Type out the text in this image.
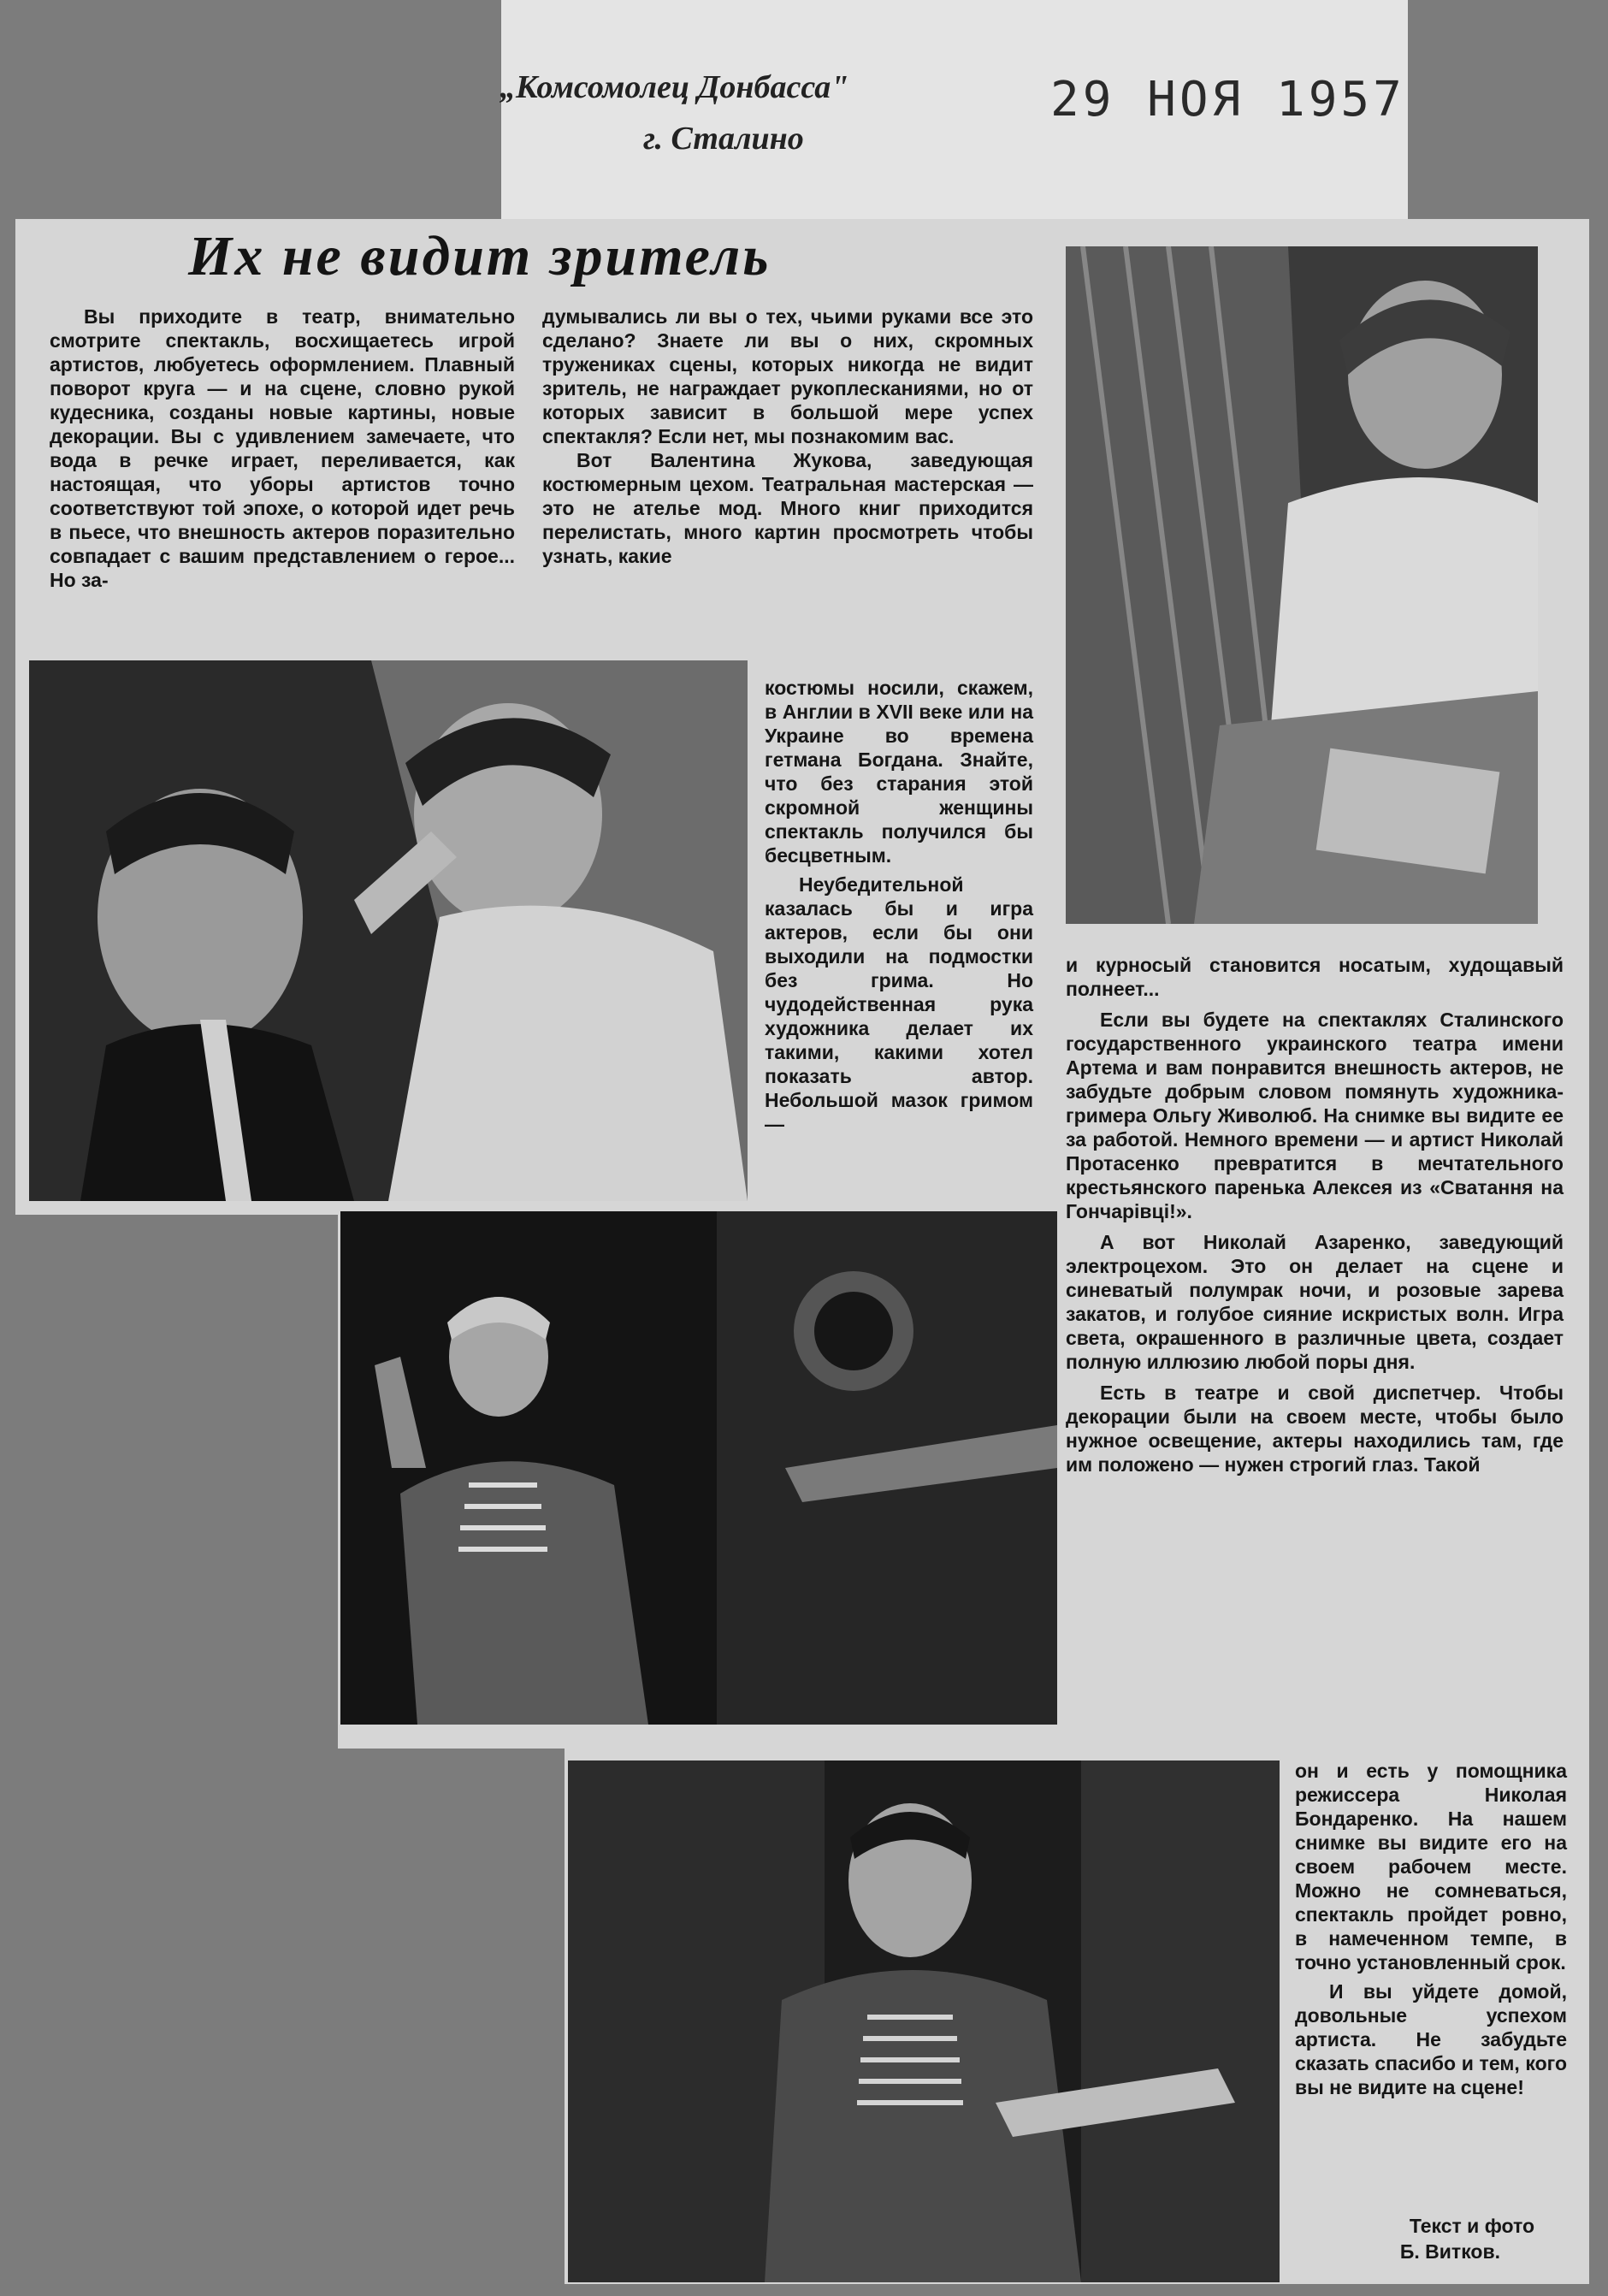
„Комсомолец Донбасса"
г. Сталино
29 НОЯ 1957
Их не видит зритель
Вы приходите в театр, внимательно смотрите спектакль, восхищаетесь игрой артистов, любуетесь оформлением. Плавный поворот круга — и на сцене, словно рукой кудесника, созданы новые картины, новые декорации. Вы с удивлением замечаете, что вода в речке играет, переливается, как настоящая, что уборы артистов точно соответствуют той эпохе, о которой идет речь в пьесе, что внешность актеров поразительно совпадает с вашим представлением о герое... Но за-
думывались ли вы о тех, чьими руками все это сделано? Знаете ли вы о них, скромных тружениках сцены, которых никогда не видит зритель, не награждает рукоплесканиями, но от которых зависит в большой мере успех спектакля? Если нет, мы познакомим вас.
Вот Валентина Жукова, заведующая костюмерным цехом. Театральная мастерская — это не ателье мод. Много книг приходится перелистать, много картин просмотреть чтобы узнать, какие
костюмы носили, скажем, в Англии в XVII веке или на Украине во времена гетмана Богдана. Знайте, что без старания этой скромной женщины спектакль получился бы бесцветным.
Неубедительной казалась бы и игра актеров, если бы они выходили на подмостки без грима. Но чудодейственная рука художника делает их такими, какими хотел показать автор. Небольшой мазок гримом —
и курносый становится носатым, худощавый полнеет...
Если вы будете на спектаклях Сталинского государственного украинского театра имени Артема и вам понравится внешность актеров, не забудьте добрым словом помянуть художника-гримера Ольгу Живолюб. На снимке вы видите ее за работой. Немного времени — и артист Николай Протасенко превратится в мечтательного крестьянского паренька Алексея из «Сватання на Гончарівці!».
А вот Николай Азаренко, заведующий электроцехом. Это он делает на сцене и синеватый полумрак ночи, и розовые зарева закатов, и голубое сияние искристых волн. Игра света, окрашенного в различные цвета, создает полную иллюзию любой поры дня.
Есть в театре и свой диспетчер. Чтобы декорации были на своем месте, чтобы было нужное освещение, актеры находились там, где им положено — нужен строгий глаз. Такой
он и есть у помощника режиссера Николая Бондаренко. На нашем снимке вы видите его на своем рабочем месте. Можно не сомневаться, спектакль пройдет ровно, в намеченном темпе, в точно установленный срок.
И вы уйдете домой, довольные успехом артиста. Не забудьте сказать спасибо и тем, кого вы не видите на сцене!
Текст и фото
Б. Витков.
